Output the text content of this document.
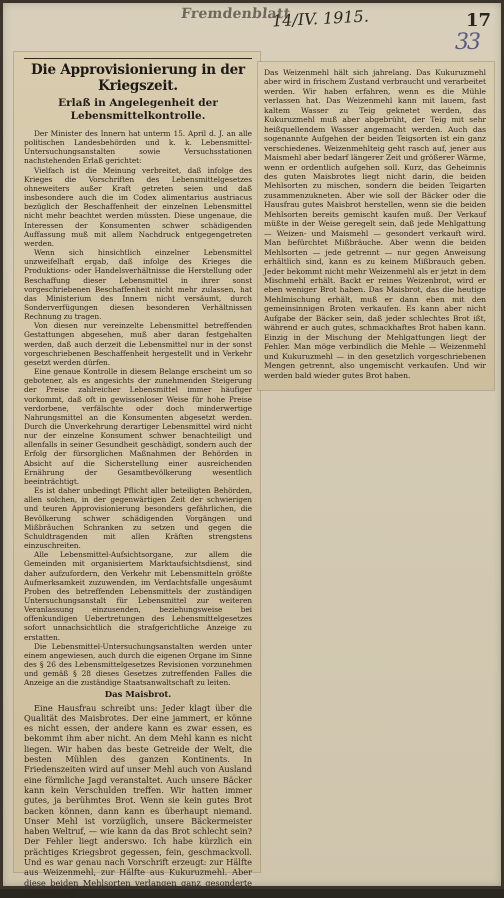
Fremdenblatt
14/IV. 1915.	17
33
Die Approvisionierung in der Kriegszeit.
Erlaß in Angelegenheit der Lebensmittelkontrolle.

Der Minister des Innern hat unterm 15. April d. J. an alle politischen Landesbehörden und k. k. Lebensmittel-Untersuchungsanstalten sowie Versuchsstationen nachstehenden Erlaß gerichtet:

Vielfach ist die Meinung verbreitet, daß infolge des Krieges die Vorschriften des Lebensmittelgesetzes ohneweiters außer Kraft getreten seien und daß insbesondere auch die im Codex alimentarius austriacus bezüglich der Beschaffenheit der einzelnen Lebensmittel nicht mehr beachtet werden müssten. Diese ungenaue, die Interessen der Konsumenten schwer schädigenden Auffassung muß mit allem Nachdruck entgegengetreten werden.

Wenn sich hinsichtlich einzelner Lebensmittel unzweifelhaft ergab, daß infolge des Krieges die Produktions- oder Handelsverhältnisse die Herstellung oder Beschaffung dieser Lebensmittel in ihrer sonst vorgeschriebenen Beschaffenheit nicht mehr zulassen, hat das Ministerium des Innern nicht versäumt, durch Sonderverfügungen diesen besonderen Verhältnissen Rechnung zu tragen.

Von diesen nur vereinzelte Lebensmittel betreffenden Gestattungen abgesehen, muß aber daran festgehalten werden, daß auch derzeit die Lebensmittel nur in der sonst vorgeschriebenen Beschaffenheit hergestellt und in Verkehr gesetzt werden dürfen.

Eine genaue Kontrolle in diesem Belange erscheint um so gebotener, als es angesichts der zunehmenden Steigerung der Preise zahlreicher Lebensmittel immer häufiger vorkommt, daß oft in gewissenloser Weise für hohe Preise verdorbene, verfälschte oder doch minderwertige Nahrungsmittel an die Konsumenten abgesetzt werden. Durch die Unverkehrung derartiger Lebensmittel wird nicht nur der einzelne Konsument schwer benachteiligt und allenfalls in seiner Gesundheit geschädigt, sondern auch der Erfolg der fürsorglichen Maßnahmen der Behörden in Absicht auf die Sicherstellung einer ausreichenden Ernährung der Gesamtbevölkerung wesentlich beeinträchtigt.

Es ist daher unbedingt Pflicht aller beteiligten Behörden, allen solchen, in der gegenwärtigen Zeit der schwierigen und teuren Approvisionierung besonders gefährlichen, die Bevölkerung schwer schädigenden Vorgängen und Mißbräuchen Schranken zu setzen und gegen die Schuldtragenden mit allen Kräften strengstens einzuschreiten.

Alle Lebensmittel-Aufsichtsorgane, zur allem die Gemeinden mit organisiertem Marktaufsichtsdienst, sind daher aufzufordern, den Verkehr mit Lebensmitteln größte Aufmerksamkeit zuzuwenden, im Verdachtsfalle ungesäumt Proben des betreffenden Lebensmittels der zuständigen Untersuchungsanstalt für Lebensmittel zur weiteren Veranlassung einzusenden, beziehungsweise bei offenkundigen Uebertretungen des Lebensmittelgesetzes sofort unnachsichtlich die strafgerichtliche Anzeige zu erstatten.

Die Lebensmittel-Untersuchungsanstalten werden unter einem angewiesen, auch durch die eigenen Organe im Sinne des § 26 des Lebensmittelgesetzes Revisionen vorzunehmen und gemäß § 28 dieses Gesetzes zutreffenden Falles die Anzeige an die zuständige Staatsanwaltschaft zu leiten.

Das Maisbrot.

Eine Hausfrau schreibt uns: Jeder klagt über die Qualität des Maisbrotes. Der eine jammert, er könne es nicht essen, der andere kann es zwar essen, es bekommt ihm aber nicht. An dem Mehl kann es nicht liegen. Wir haben das beste Getreide der Welt, die besten Mühlen des ganzen Kontinents. In Friedenszeiten wird auf unser Mehl auch von Ausland eine förmliche Jagd veranstaltet. Auch unsere Bäcker kann kein Verschulden treffen. Wir hatten immer gutes, ja berühmtes Brot. Wenn sie kein gutes Brot backen können, dann kann es überhaupt niemand. Unser Mehl ist vorzüglich, unsere Bäckermeister haben Weltruf, — wie kann da das Brot schlecht sein? Der Fehler liegt anderswo. Ich habe kürzlich ein prächtiges Kriegsbrot gegessen, fein, geschmackvoll. Und es war genau nach Vorschrift erzeugt: zur Hälfte aus Weizenmehl, zur Hälfte aus Kukuruzmehl. Aber diese beiden Mehlsorten verlangen ganz gesonderte Behandlung.

Das Weizenmehl hält sich jahrelang. Das Kukuruzmehl aber wird in frischem Zustand verbraucht und verarbeitet werden. Wir haben erfahren, wenn es die Mühle verlassen hat. Das Weizenmehl kann mit lauem, fast kaltem Wasser zu Teig geknetet werden, das Kukuruzmehl muß aber abgebrüht, der Teig mit sehr heißquellendem Wasser angemacht werden. Auch das sogenannte Aufgehen der beiden Teigsorten ist ein ganz verschiedenes. Weizenmehlteig geht rasch auf, jener aus Maismehl aber bedarf längerer Zeit und größerer Wärme, wenn er ordentlich aufgehen soll. Kurz, das Geheimnis des guten Maisbrotes liegt nicht darin, die beiden Mehlsorten zu mischen, sondern die beiden Teigarten zusammenzukneten. Aber wie soll der Bäcker oder die Hausfrau gutes Maisbrot herstellen, wenn sie die beiden Mehlsorten bereits gemischt kaufen muß. Der Verkauf müßte in der Weise geregelt sein, daß jede Mehlgattung — Weizen- und Maismehl — gesondert verkauft wird. Man befürchtet Mißbräuche. Aber wenn die beiden Mehlsorten — jede getrennt — nur gegen Anweisung erhältlich sind, kann es zu keinem Mißbrauch geben. Jeder bekommt nicht mehr Weizenmehl als er jetzt in dem Mischmehl erhält. Backt er reines Weizenbrot, wird er eben weniger Brot haben. Das Maisbrot, das die heutige Mehlmischung erhält, muß er dann eben mit den gemeinsinnigen Broten verkaufen. Es kann aber nicht Aufgabe der Bäcker sein, daß jeder schlechtes Brot ißt, während er auch gutes, schmackhaftes Brot haben kann. Einzig in der Mischung der Mehlgattungen liegt der Fehler. Man möge verbindlich die Mehle — Weizenmehl und Kukuruzmehl — in den gesetzlich vorgeschriebenen Mengen getrennt, also ungemischt verkaufen. Und wir werden bald wieder gutes Brot haben.
